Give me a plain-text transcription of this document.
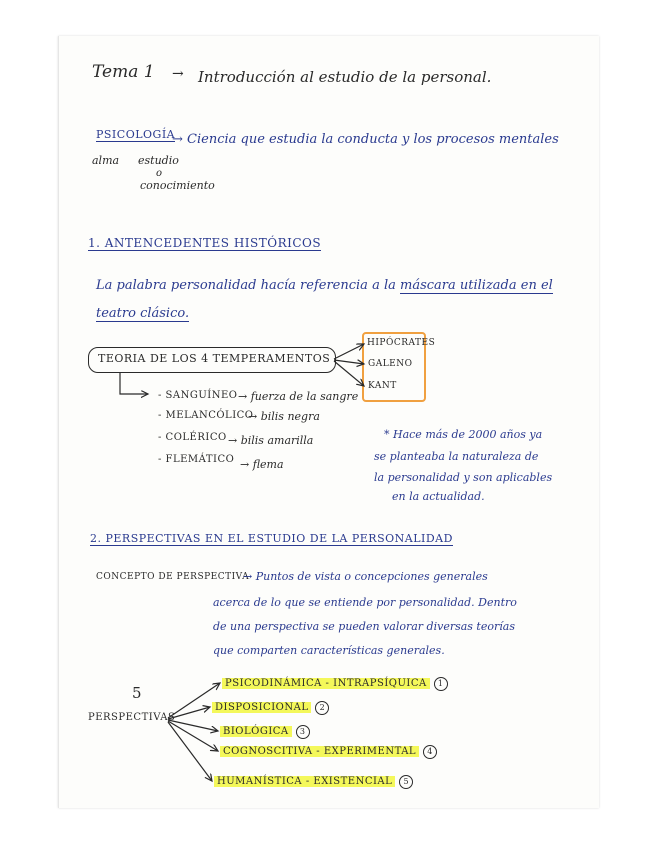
Tema 1 → Introducción al estudio de la personal.
PSICOLOGÍA
→ Ciencia que estudia la conducta y los procesos mentales
alma estudio
o
conocimiento
1. ANTENCEDENTES HISTÓRICOS
La palabra personalidad hacía referencia a la máscara utilizada en el
teatro clásico.
TEORIA DE LOS 4 TEMPERAMENTOS
HIPÓCRATES
GALENO
KANT
- SANGUÍNEO → fuerza de la sangre
- MELANCÓLICO
→ bilis negra
- COLÉRICO → bilis amarilla
- FLEMÁTICO → flema
* Hace más de 2000 años ya
se planteaba la naturaleza de
la personalidad y son aplicables
en la actualidad.
2. PERSPECTIVAS EN EL ESTUDIO DE LA PERSONALIDAD
CONCEPTO DE PERSPECTIVA
→ Puntos de vista o concepciones generales
acerca de lo que se entiende por personalidad. Dentro
de una perspectiva se pueden valorar diversas teorías
que comparten características generales.
5
PERSPECTIVAS
PSICODINÁMICA - INTRAPSÍQUICA 1
DISPOSICIONAL 2
BIOLÓGICA 3
COGNOSCITIVA - EXPERIMENTAL 4
HUMANÍSTICA - EXISTENCIAL 5
